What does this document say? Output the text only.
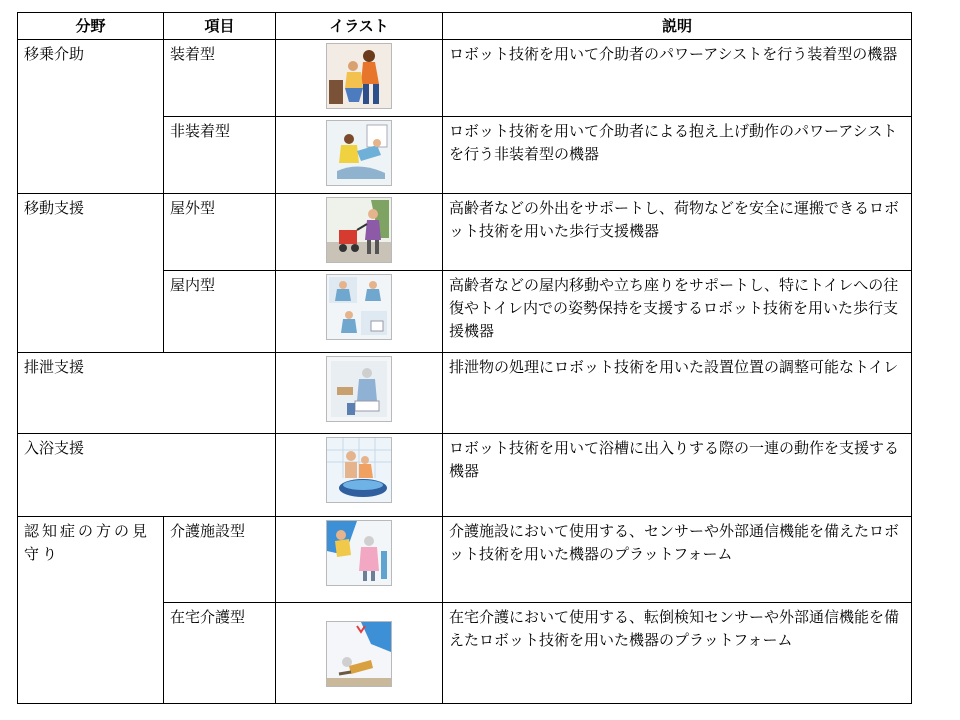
分野	項目	イラスト	説明
移乗介助	装着型		ロボット技術を用いて介助者のパワーアシストを行う装着型の機器
	非装着型		ロボット技術を用いて介助者による抱え上げ動作のパワーアシストを行う非装着型の機器
移動支援	屋外型		高齢者などの外出をサポートし、荷物などを安全に運搬できるロボット技術を用いた歩行支援機器
	屋内型		高齢者などの屋内移動や立ち座りをサポートし、特にトイレへの往復やトイレ内での姿勢保持を支援するロボット技術を用いた歩行支援機器
排泄支援			排泄物の処理にロボット技術を用いた設置位置の調整可能なトイレ
入浴支援			ロボット技術を用いて浴槽に出入りする際の一連の動作を支援する機器
認知症の方の見守り	介護施設型		介護施設において使用する、センサーや外部通信機能を備えたロボット技術を用いた機器のプラットフォーム
	在宅介護型		在宅介護において使用する、転倒検知センサーや外部通信機能を備えたロボット技術を用いた機器のプラットフォーム
